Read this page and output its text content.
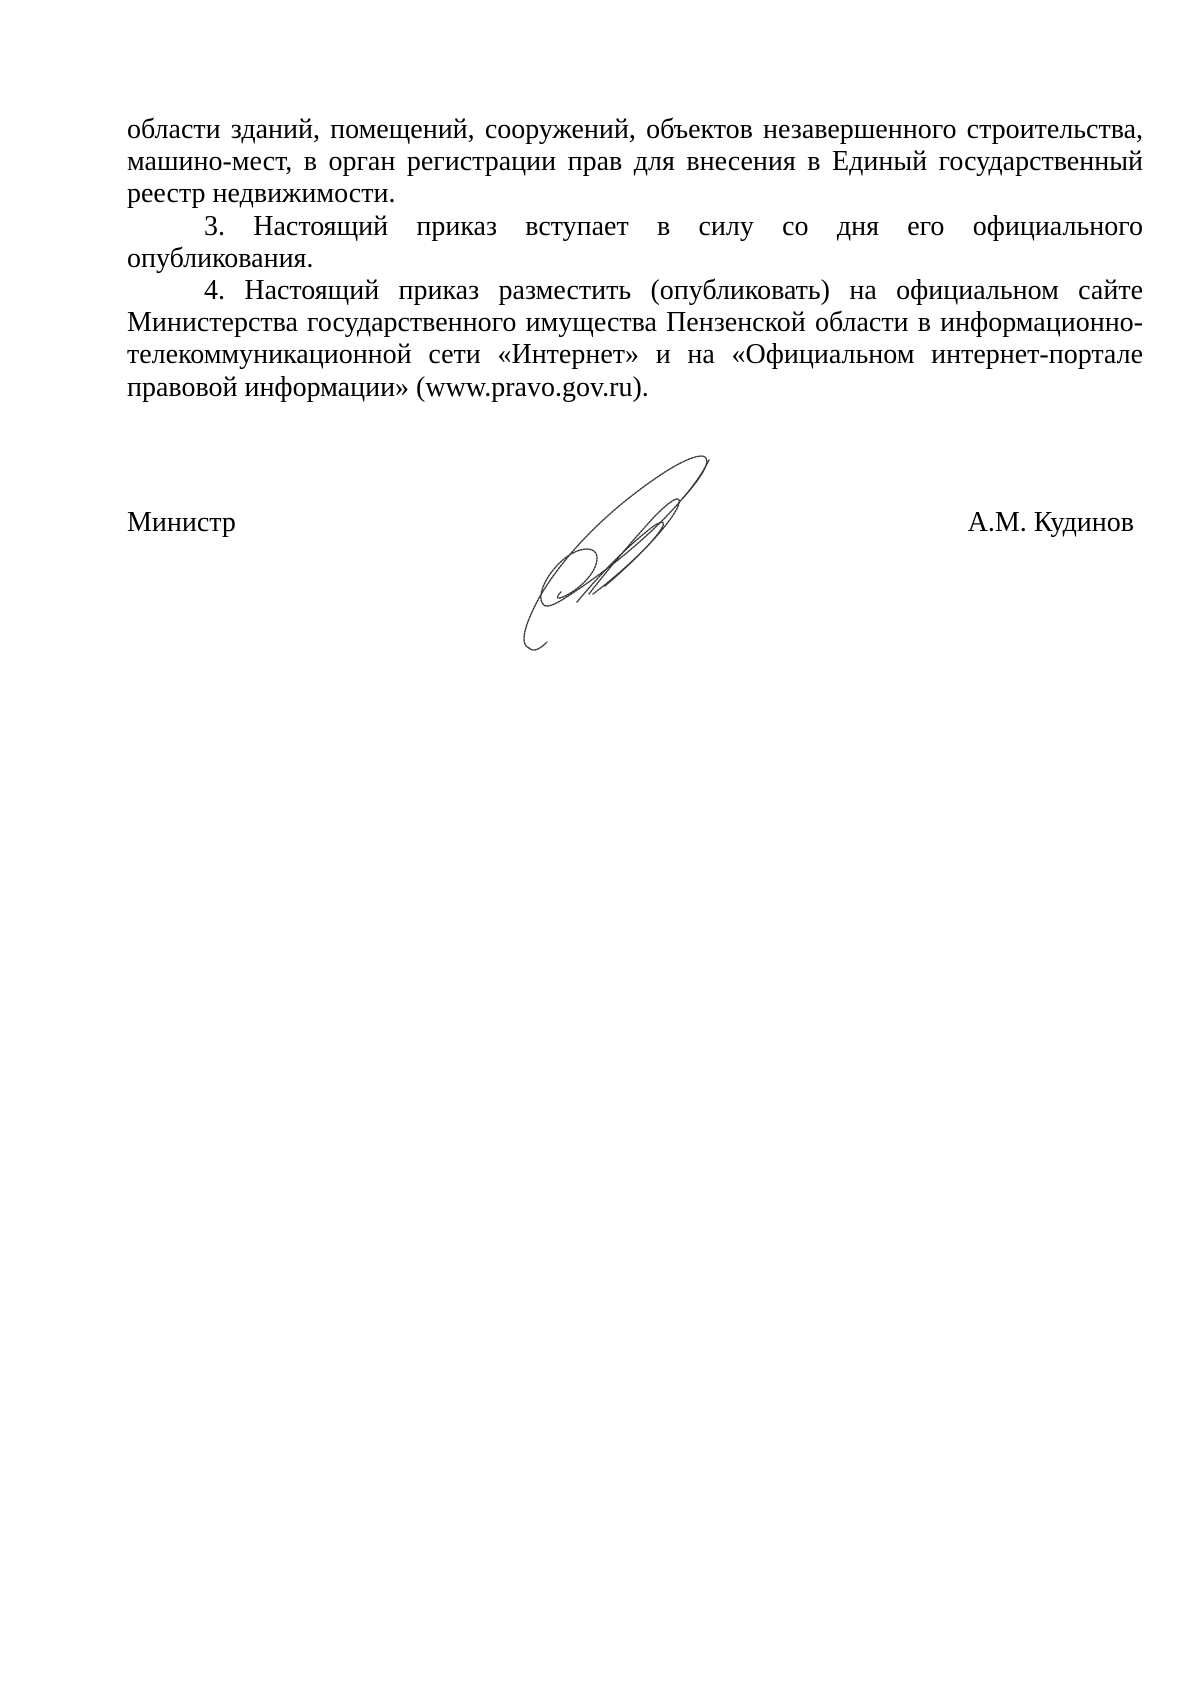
области зданий, помещений, сооружений, объектов незавершенного строительства, машино-мест, в орган регистрации прав для внесения в Единый государственный реестр недвижимости.

3. Настоящий приказ вступает в силу со дня его официального опубликования.

4. Настоящий приказ разместить (опубликовать) на официальном сайте Министерства государственного имущества Пензенской области в информационно-телекоммуникационной сети «Интернет» и на «Официальном интернет-портале правовой информации» (www.pravo.gov.ru).

Министр	А.М. Кудинов
